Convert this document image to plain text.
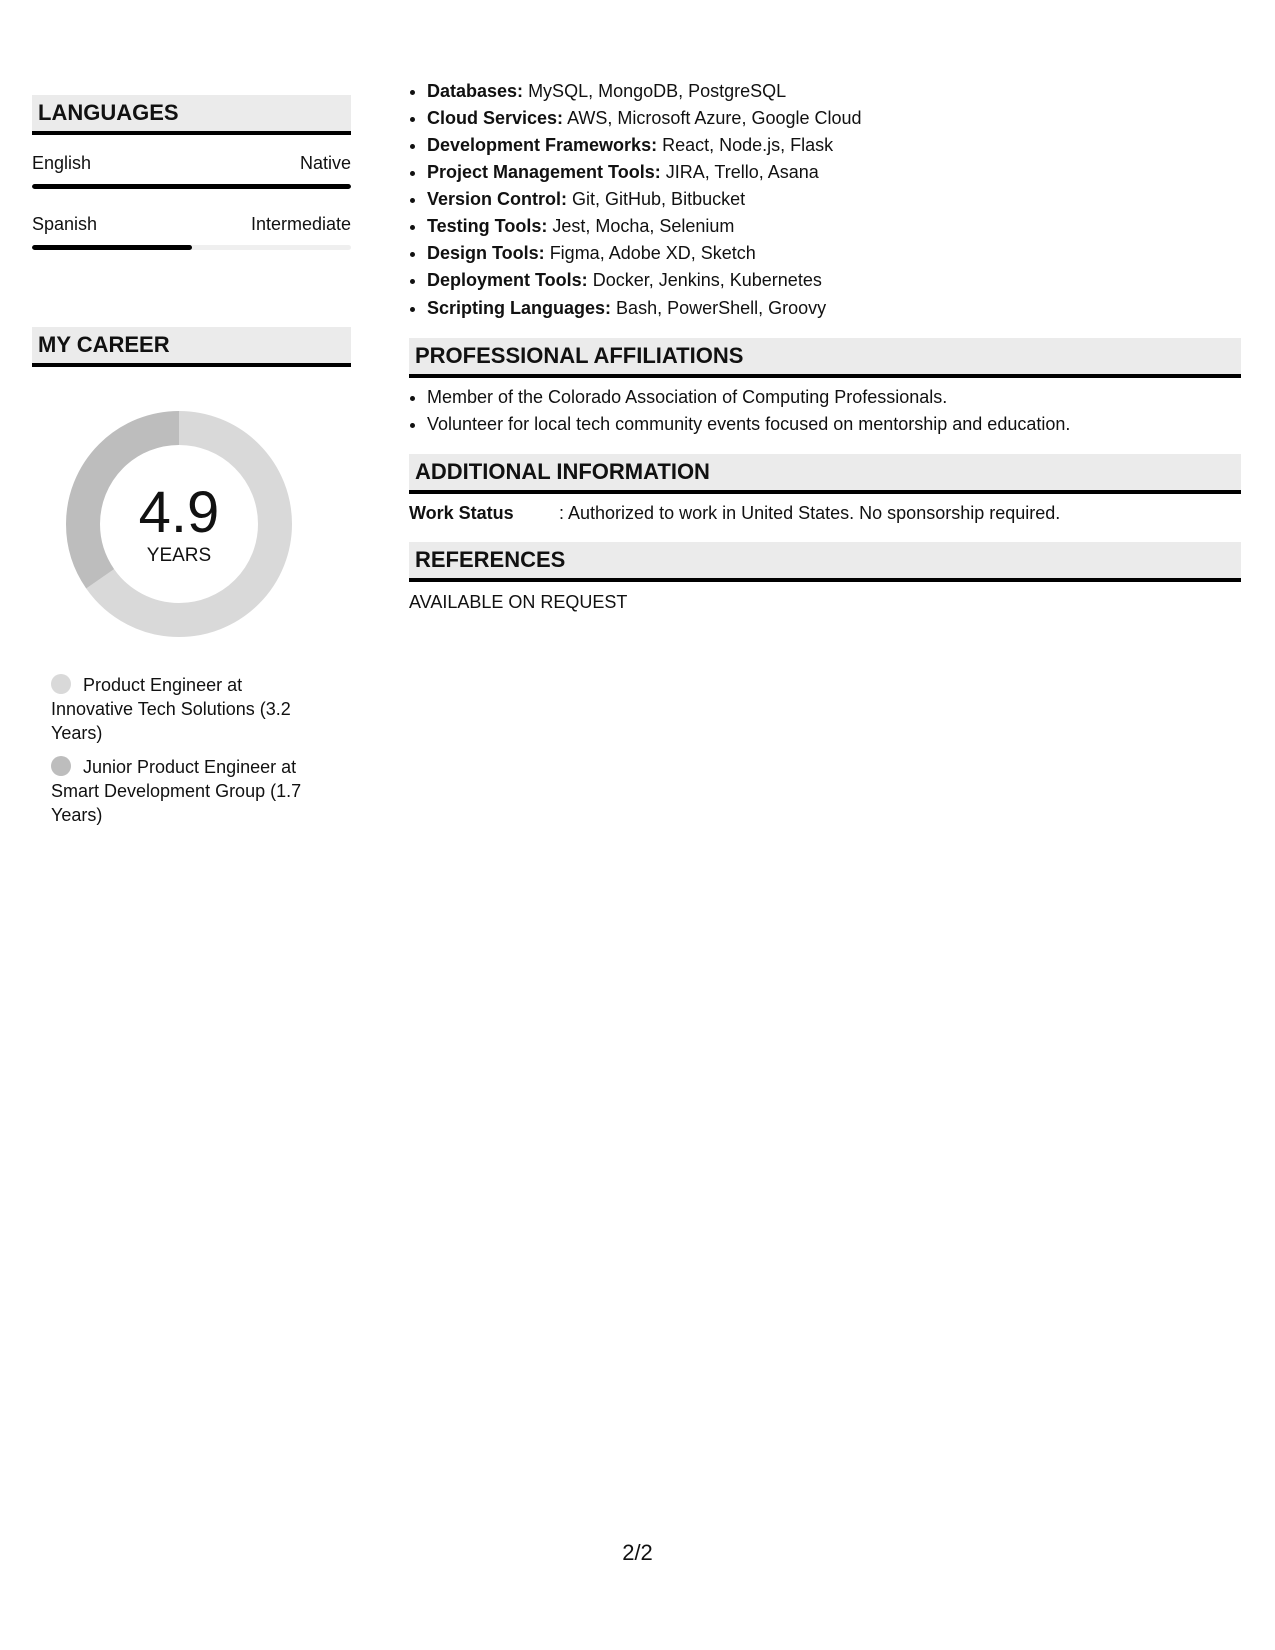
LANGUAGES
English	Native
Spanish	Intermediate
MY CAREER
4.9
YEARS
Product Engineer at Innovative Tech Solutions (3.2 Years)
Junior Product Engineer at Smart Development Group (1.7 Years)
• Databases: MySQL, MongoDB, PostgreSQL
• Cloud Services: AWS, Microsoft Azure, Google Cloud
• Development Frameworks: React, Node.js, Flask
• Project Management Tools: JIRA, Trello, Asana
• Version Control: Git, GitHub, Bitbucket
• Testing Tools: Jest, Mocha, Selenium
• Design Tools: Figma, Adobe XD, Sketch
• Deployment Tools: Docker, Jenkins, Kubernetes
• Scripting Languages: Bash, PowerShell, Groovy
PROFESSIONAL AFFILIATIONS
• Member of the Colorado Association of Computing Professionals.
• Volunteer for local tech community events focused on mentorship and education.
ADDITIONAL INFORMATION
Work Status	: Authorized to work in United States. No sponsorship required.
REFERENCES
AVAILABLE ON REQUEST
2/2
